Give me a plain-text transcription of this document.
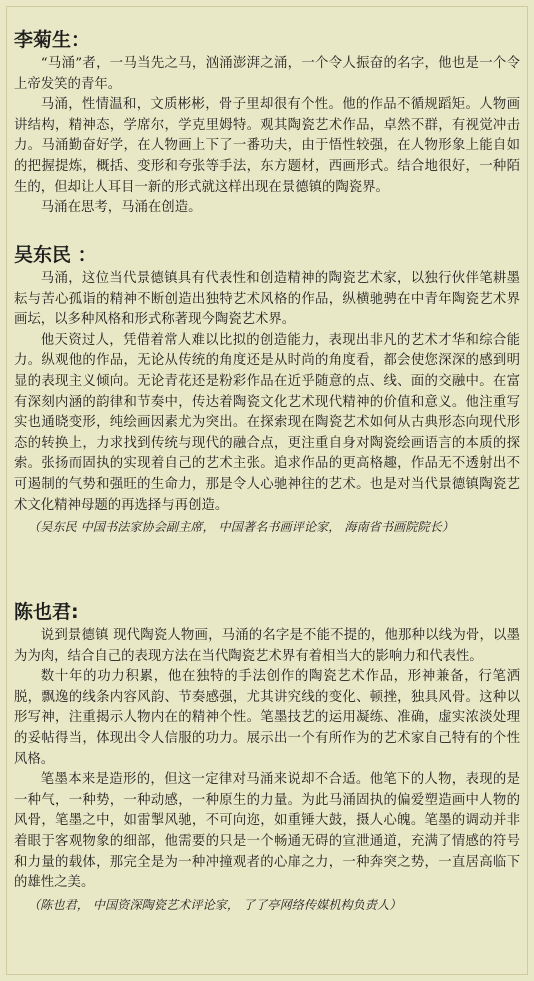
李菊生：

“马涌”者，一马当先之马，汹涌澎湃之涌，一个令人振奋的名字，他也是一个令上帝发笑的青年。

马涌，性情温和，文质彬彬，骨子里却很有个性。他的作品不循规蹈矩。人物画讲结构，精神态，学席尔，学克里姆特。观其陶瓷艺术作品，卓然不群，有视觉冲击力。马涌勤奋好学，在人物画上下了一番功夫，由于悟性较强，在人物形象上能自如的把握提炼，概括、变形和夸张等手法，东方题材，西画形式。结合地很好，一种陌生的，但却让人耳目一新的形式就这样出现在景德镇的陶瓷界。

马涌在思考，马涌在创造。

吴东民 ：

马涌，这位当代景德镇具有代表性和创造精神的陶瓷艺术家，以独行伙伴笔耕墨耘与苦心孤诣的精神不断创造出独特艺术风格的作品，纵横驰骋在中青年陶瓷艺术界画坛，以多种风格和形式称著现今陶瓷艺术界。

他天资过人，凭借着常人难以比拟的创造能力，表现出非凡的艺术才华和综合能力。纵观他的作品，无论从传统的角度还是从时尚的角度看，都会使您深深的感到明显的表现主义倾向。无论青花还是粉彩作品在近乎随意的点、线、面的交融中。在富有深刻内涵的韵律和节奏中，传达着陶瓷文化艺术现代精神的价值和意义。他注重写实也通晓变形，纯绘画因素尤为突出。在探索现在陶瓷艺术如何从古典形态向现代形态的转换上，力求找到传统与现代的融合点，更注重自身对陶瓷绘画语言的本质的探索。张扬而固执的实现着自己的艺术主张。追求作品的更高格趣，作品无不透射出不可遏制的气势和强旺的生命力，那是令人心驰神往的艺术。也是对当代景德镇陶瓷艺术文化精神母题的再选择与再创造。

（吴东民 中国书法家协会副主席， 中国著名书画评论家， 海南省书画院院长）

陈也君:

说到景德镇 现代陶瓷人物画，马涌的名字是不能不提的，他那种以线为骨，以墨为为肉，结合自己的表现方法在当代陶瓷艺术界有着相当大的影响力和代表性。

数十年的功力积累，他在独特的手法创作的陶瓷艺术作品，形神兼备，行笔洒脱，飘逸的线条内容风韵、节奏感强，尤其讲究线的变化、顿挫，独具风骨。这种以形写神，注重揭示人物内在的精神个性。笔墨技艺的运用凝练、准确，虚实浓淡处理的妥帖得当，体现出令人信服的功力。展示出一个有所作为的艺术家自己特有的个性风格。

笔墨本来是造形的，但这一定律对马涌来说却不合适。他笔下的人物，表现的是一种气，一种势，一种动感，一种原生的力量。为此马涌固执的偏爱塑造画中人物的风骨，笔墨之中，如雷掣风驰，不可向迩，如重锤大鼓，摄人心魄。笔墨的调动并非着眼于客观物象的细部，他需要的只是一个畅通无碍的宣泄通道，充满了情感的符号和力量的载体，那完全是为一种冲撞观者的心扉之力，一种奔突之势，一直居高临下的雄性之美。

（陈也君， 中国资深陶瓷艺术评论家， 了了亭网络传媒机构负责人）
